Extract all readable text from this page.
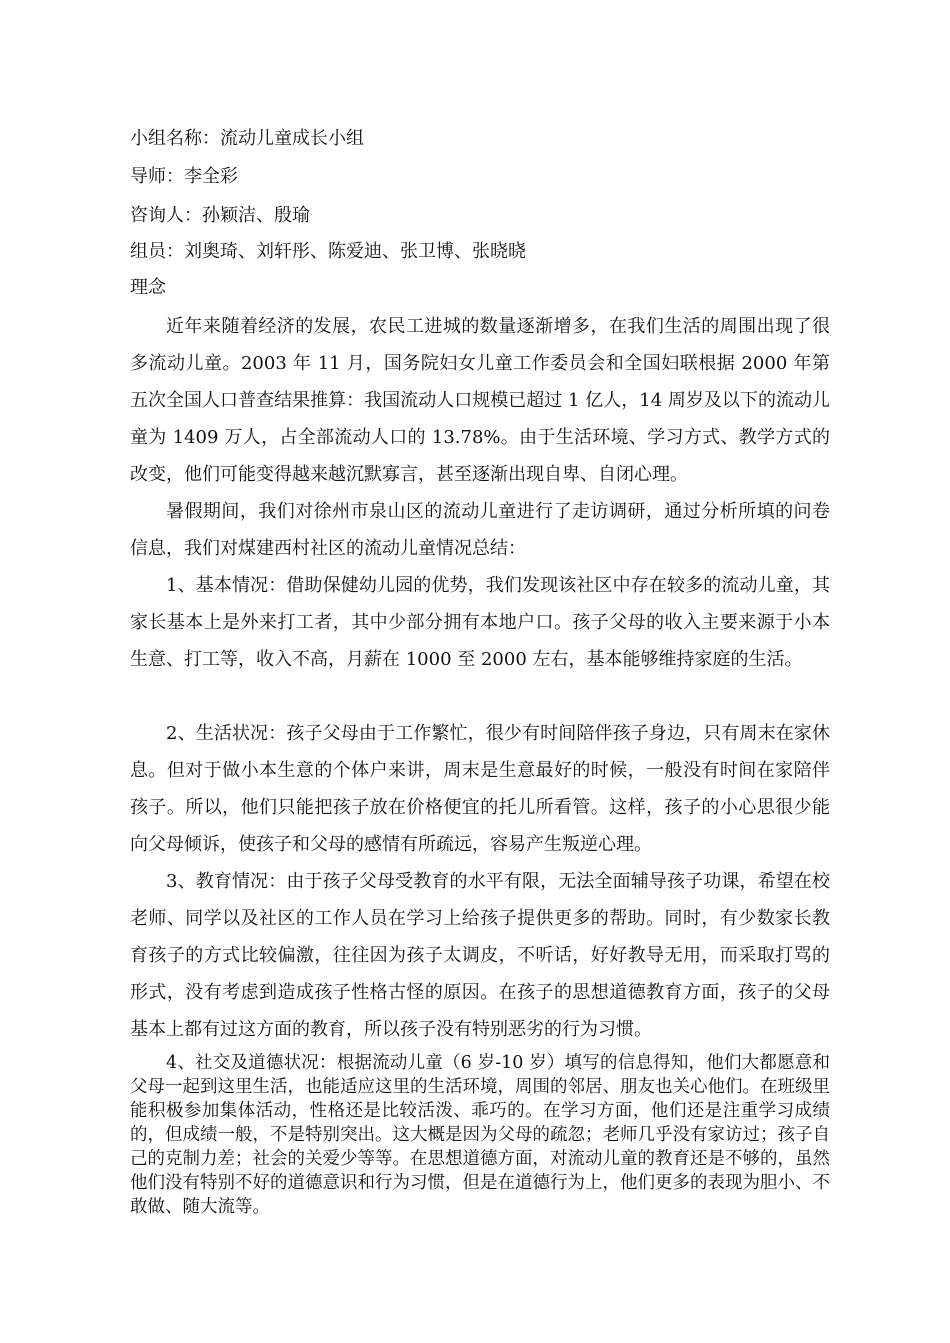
小组名称：流动儿童成长小组
导师：李全彩
咨询人：孙颖洁、殷瑜
组员：刘奥琦、刘轩彤、陈爱迪、张卫博、张晓晓
理念

近年来随着经济的发展，农民工进城的数量逐渐增多，在我们生活的周围出现了很多流动儿童。2003 年 11 月，国务院妇女儿童工作委员会和全国妇联根据 2000 年第五次全国人口普查结果推算：我国流动人口规模已超过 1 亿人，14 周岁及以下的流动儿童为 1409 万人，占全部流动人口的 13.78%。由于生活环境、学习方式、教学方式的改变，他们可能变得越来越沉默寡言，甚至逐渐出现自卑、自闭心理。

暑假期间，我们对徐州市泉山区的流动儿童进行了走访调研，通过分析所填的问卷信息，我们对煤建西村社区的流动儿童情况总结：

1、基本情况：借助保健幼儿园的优势，我们发现该社区中存在较多的流动儿童，其家长基本上是外来打工者，其中少部分拥有本地户口。孩子父母的收入主要来源于小本生意、打工等，收入不高，月薪在 1000 至 2000 左右，基本能够维持家庭的生活。

2、生活状况：孩子父母由于工作繁忙，很少有时间陪伴孩子身边，只有周末在家休息。但对于做小本生意的个体户来讲，周末是生意最好的时候，一般没有时间在家陪伴孩子。所以，他们只能把孩子放在价格便宜的托儿所看管。这样，孩子的小心思很少能向父母倾诉，使孩子和父母的感情有所疏远，容易产生叛逆心理。

3、教育情况：由于孩子父母受教育的水平有限，无法全面辅导孩子功课，希望在校老师、同学以及社区的工作人员在学习上给孩子提供更多的帮助。同时，有少数家长教育孩子的方式比较偏激，往往因为孩子太调皮，不听话，好好教导无用，而采取打骂的形式，没有考虑到造成孩子性格古怪的原因。在孩子的思想道德教育方面，孩子的父母基本上都有过这方面的教育，所以孩子没有特别恶劣的行为习惯。

4、社交及道德状况：根据流动儿童（6 岁-10 岁）填写的信息得知，他们大都愿意和父母一起到这里生活，也能适应这里的生活环境，周围的邻居、朋友也关心他们。在班级里能积极参加集体活动，性格还是比较活泼、乖巧的。在学习方面，他们还是注重学习成绩的，但成绩一般，不是特别突出。这大概是因为父母的疏忽；老师几乎没有家访过；孩子自己的克制力差；社会的关爱少等等。在思想道德方面，对流动儿童的教育还是不够的，虽然他们没有特别不好的道德意识和行为习惯，但是在道德行为上，他们更多的表现为胆小、不敢做、随大流等。
